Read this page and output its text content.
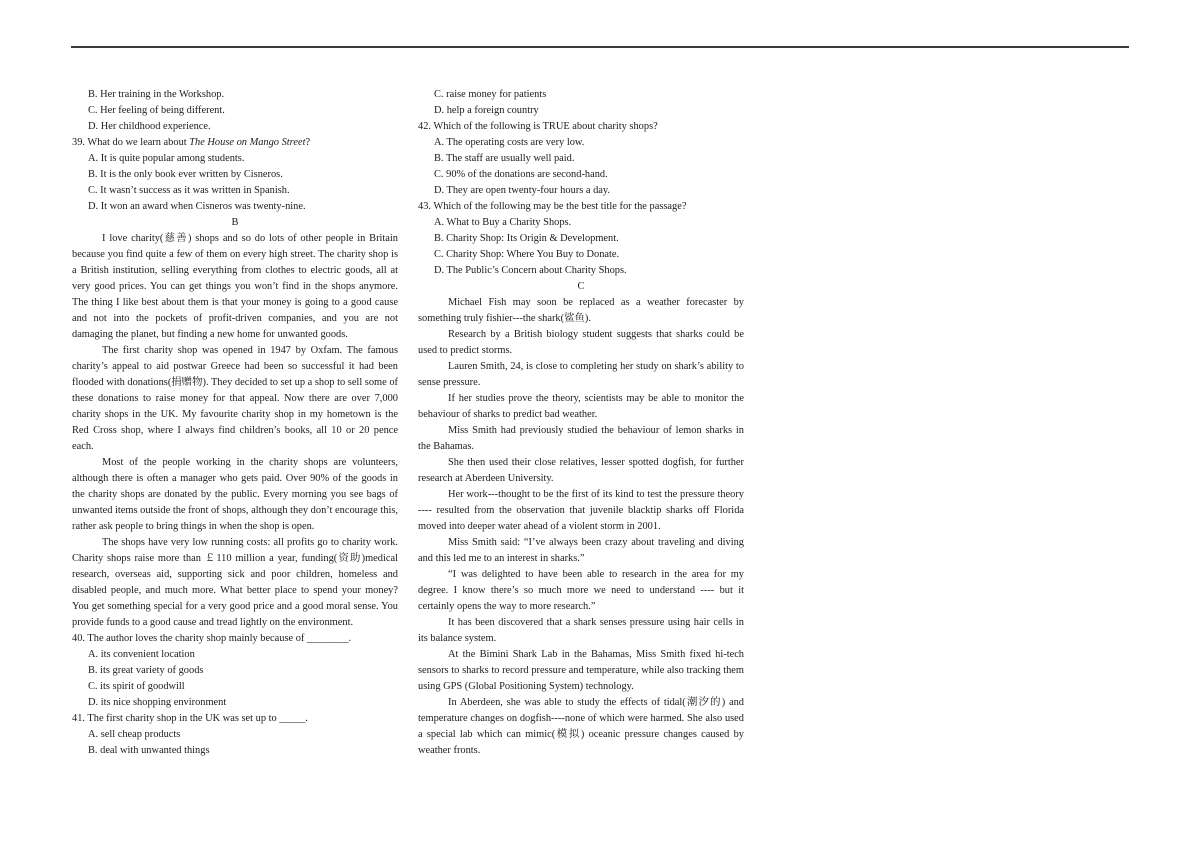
B. Her training in the Workshop.
C. Her feeling of being different.
D. Her childhood experience.
39. What do we learn about The House on Mango Street?
A. It is quite popular among students.
B. It is the only book ever written by Cisneros.
C. It wasn’t success as it was written in Spanish.
D. It won an award when Cisneros was twenty-nine.
B
I love charity(慈善) shops and so do lots of other people in Britain because you find quite a few of them on every high street. The charity shop is a British institution, selling everything from clothes to electric goods, all at very good prices. You can get things you won’t find in the shops anymore. The thing I like best about them is that your money is going to a good cause and not into the pockets of profit-driven companies, and you are not damaging the planet, but finding a new home for unwanted goods.
The first charity shop was opened in 1947 by Oxfam. The famous charity’s appeal to aid postwar Greece had been so successful it had been flooded with donations(捐赠物). They decided to set up a shop to sell some of these donations to raise money for that appeal. Now there are over 7,000 charity shops in the UK. My favourite charity shop in my hometown is the Red Cross shop, where I always find children’s books, all 10 or 20 pence each.
Most of the people working in the charity shops are volunteers, although there is often a manager who gets paid. Over 90% of the goods in the charity shops are donated by the public. Every morning you see bags of unwanted items outside the front of shops, although they don’t encourage this, rather ask people to bring things in when the shop is open.
The shops have very low running costs: all profits go to charity work. Charity shops raise more than ￡110 million a year, funding(资助)medical research, overseas aid, supporting sick and poor children, homeless and disabled people, and much more. What better place to spend your money? You get something special for a very good price and a good moral sense. You provide funds to a good cause and tread lightly on the environment.
40. The author loves the charity shop mainly because of ________.
A. its convenient location
B. its great variety of goods
C. its spirit of goodwill
D. its nice shopping environment
41. The first charity shop in the UK was set up to _____.
A. sell cheap products
B. deal with unwanted things
C. raise money for patients
D. help a foreign country
42. Which of the following is TRUE about charity shops?
A. The operating costs are very low.
B. The staff are usually well paid.
C. 90% of the donations are second-hand.
D. They are open twenty-four hours a day.
43. Which of the following may be the best title for the passage?
A. What to Buy a Charity Shops.
B. Charity Shop: Its Origin & Development.
C. Charity Shop: Where You Buy to Donate.
D. The Public’s Concern about Charity Shops.
C
Michael Fish may soon be replaced as a weather forecaster by something truly fishier---the shark(鲨鱼).
Research by a British biology student suggests that sharks could be used to predict storms.
Lauren Smith, 24, is close to completing her study on shark’s ability to sense pressure.
If her studies prove the theory, scientists may be able to monitor the behaviour of sharks to predict bad weather.
Miss Smith had previously studied the behaviour of lemon sharks in the Bahamas.
She then used their close relatives, lesser spotted dogfish, for further research at Aberdeen University.
Her work---thought to be the first of its kind to test the pressure theory ---- resulted from the observation that juvenile blacktip sharks off Florida moved into deeper water ahead of a violent storm in 2001.
Miss Smith said: “I’ve always been crazy about traveling and diving and this led me to an interest in sharks.”
“I was delighted to have been able to research in the area for my degree. I know there’s so much more we need to understand ---- but it certainly opens the way to more research.”
It has been discovered that a shark senses pressure using hair cells in its balance system.
At the Bimini Shark Lab in the Bahamas, Miss Smith fixed hi-tech sensors to sharks to record pressure and temperature, while also tracking them using GPS (Global Positioning System) technology.
In Aberdeen, she was able to study the effects of tidal(潮汐的) and temperature changes on dogfish----none of which were harmed. She also used a special lab which can mimic(模拟) oceanic pressure changes caused by weather fronts.
